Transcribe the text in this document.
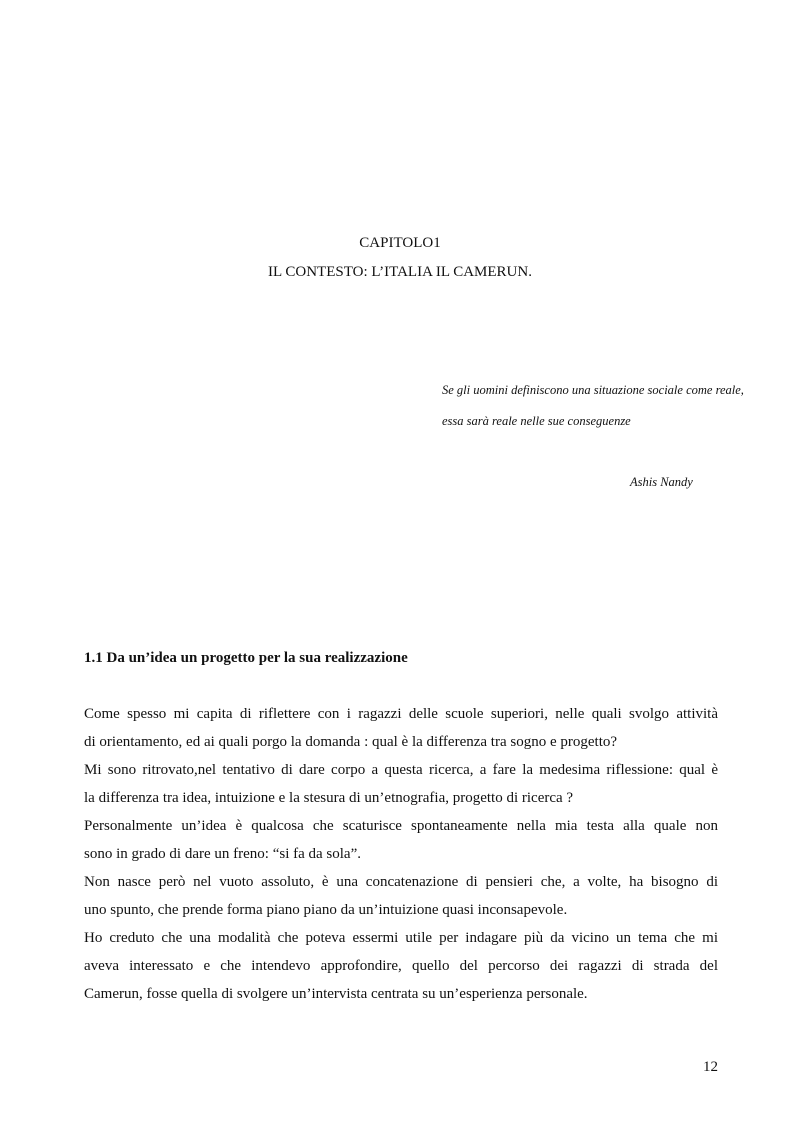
CAPITOLO1
IL CONTESTO: L’ITALIA IL CAMERUN.
Se gli uomini definiscono una situazione sociale come reale,
essa sarà reale nelle sue conseguenze
Ashis Nandy
1.1 Da un’idea un progetto per la sua realizzazione
Come spesso mi capita di riflettere con i ragazzi delle scuole superiori, nelle quali svolgo attività
di orientamento, ed ai quali porgo la domanda : qual è la differenza tra sogno e progetto?
Mi sono ritrovato,nel tentativo di dare corpo a questa ricerca, a fare la medesima riflessione: qual è
la differenza tra idea, intuizione e la stesura di un’etnografia, progetto di ricerca ?
Personalmente un’idea è qualcosa che scaturisce spontaneamente nella mia testa alla quale non
sono in grado di dare un freno: “si fa da sola”.
Non nasce però nel vuoto assoluto, è una concatenazione di pensieri che, a volte, ha bisogno di
uno spunto, che prende forma piano piano da un’intuizione quasi inconsapevole.
Ho creduto che una modalità che poteva essermi utile per indagare più da vicino un tema che mi
aveva interessato e che intendevo approfondire, quello del percorso dei ragazzi di strada del
Camerun, fosse quella di svolgere un’intervista centrata su un’esperienza personale.
12
